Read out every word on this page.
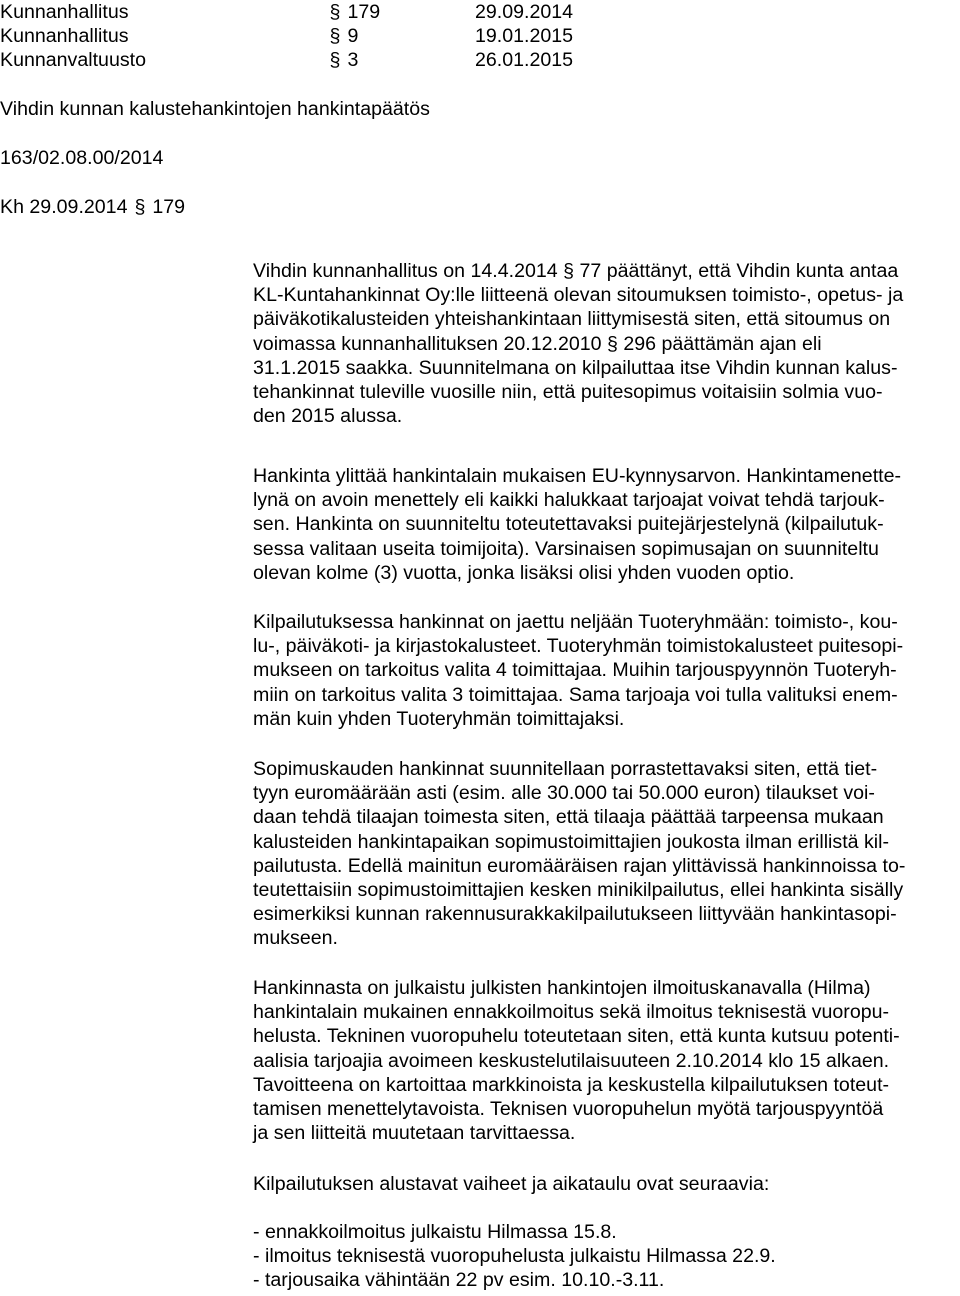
Kunnanhallitus	§ 179	29.09.2014
Kunnanhallitus	§ 9	19.01.2015
Kunnanvaltuusto	§ 3	26.01.2015
Vihdin kunnan kalustehankintojen hankintapäätös
163/02.08.00/2014
Kh 29.09.2014 § 179
Vihdin kunnanhallitus on 14.4.2014 § 77 päättänyt, että Vihdin kunta antaa
KL-Kuntahankinnat Oy:lle liitteenä olevan sitoumuksen toimisto-, opetus- ja
päiväkotikalusteiden yhteishankintaan liittymisestä siten, että sitoumus on
voimassa kunnanhallituksen 20.12.2010 § 296 päättämän ajan eli
31.1.2015 saakka. Suunnitelmana on kilpailuttaa itse Vihdin kunnan kalus-
tehankinnat tuleville vuosille niin, että puitesopimus voitaisiin solmia vuo-
den 2015 alussa.
Hankinta ylittää hankintalain mukaisen EU-kynnysarvon. Hankintamenette-
lynä on avoin menettely eli kaikki halukkaat tarjoajat voivat tehdä tarjouk-
sen. Hankinta on suunniteltu toteutettavaksi puitejärjestelynä (kilpailutuk-
sessa valitaan useita toimijoita). Varsinaisen sopimusajan on suunniteltu
olevan kolme (3) vuotta, jonka lisäksi olisi yhden vuoden optio.
Kilpailutuksessa hankinnat on jaettu neljään Tuoteryhmään: toimisto-, kou-
lu-, päiväkoti- ja kirjastokalusteet. Tuoteryhmän toimistokalusteet puitesopi-
mukseen on tarkoitus valita 4 toimittajaa. Muihin tarjouspyynnön Tuoteryh-
miin on tarkoitus valita 3 toimittajaa. Sama tarjoaja voi tulla valituksi enem-
män kuin yhden Tuoteryhmän toimittajaksi.
Sopimuskauden hankinnat suunnitellaan porrastettavaksi siten, että tiet-
tyyn euromäärään asti (esim. alle 30.000 tai 50.000 euron) tilaukset voi-
daan tehdä tilaajan toimesta siten, että tilaaja päättää tarpeensa mukaan
kalusteiden hankintapaikan sopimustoimittajien joukosta ilman erillistä kil-
pailutusta. Edellä mainitun euromääräisen rajan ylittävissä hankinnoissa to-
teutettaisiin sopimustoimittajien kesken minikilpailutus, ellei hankinta sisälly
esimerkiksi kunnan rakennusurakkakilpailutukseen liittyvään hankintasopi-
mukseen.
Hankinnasta on julkaistu julkisten hankintojen ilmoituskanavalla (Hilma)
hankintalain mukainen ennakkoilmoitus sekä ilmoitus teknisestä vuoropu-
helusta. Tekninen vuoropuhelu toteutetaan siten, että kunta kutsuu potenti-
aalisia tarjoajia avoimeen keskustelutilaisuuteen 2.10.2014 klo 15 alkaen.
Tavoitteena on kartoittaa markkinoista ja keskustella kilpailutuksen toteut-
tamisen menettelytavoista. Teknisen vuoropuhelun myötä tarjouspyyntöä
ja sen liitteitä muutetaan tarvittaessa.
Kilpailutuksen alustavat vaiheet ja aikataulu ovat seuraavia:
- ennakkoilmoitus julkaistu Hilmassa 15.8.
- ilmoitus teknisestä vuoropuhelusta julkaistu Hilmassa 22.9.
- tarjousaika vähintään 22 pv esim. 10.10.-3.11.
